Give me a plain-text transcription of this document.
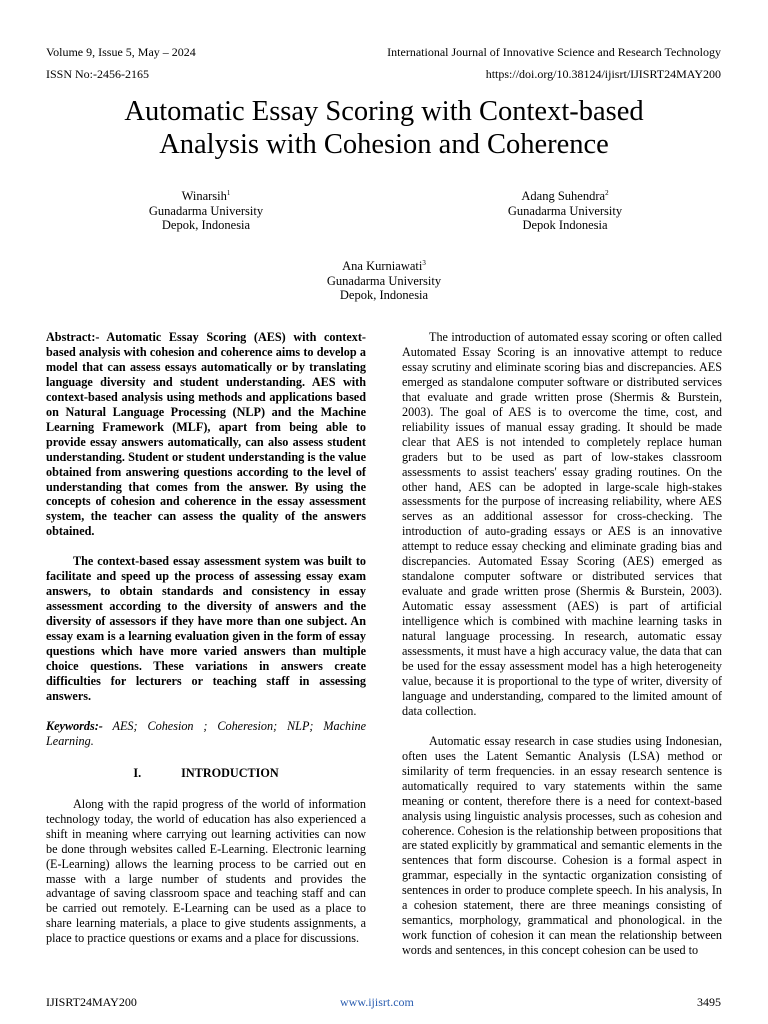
Volume 9, Issue 5, May – 2024	International Journal of Innovative Science and Research Technology
ISSN No:-2456-2165	https://doi.org/10.38124/ijisrt/IJISRT24MAY200
Automatic Essay Scoring with Context-based
Analysis with Cohesion and Coherence
Winarsih$^1$
Gunadarma University
Depok, Indonesia
Adang Suhendra$^2$
Gunadarma University
Depok Indonesia
Ana Kurniawati$^3$
Gunadarma University
Depok, Indonesia

Abstract:- Automatic Essay Scoring (AES) with context-based analysis with cohesion and coherence aims to develop a model that can assess essays automatically or by translating language diversity and student understanding. AES with context-based analysis using methods and applications based on Natural Language Processing (NLP) and the Machine Learning Framework (MLF), apart from being able to provide essay answers automatically, can also assess student understanding. Student or student understanding is the value obtained from answering questions according to the level of understanding that comes from the answer. By using the concepts of cohesion and coherence in the essay assessment system, the teacher can assess the quality of the answers obtained.

The context-based essay assessment system was built to facilitate and speed up the process of assessing essay exam answers, to obtain standards and consistency in essay assessment according to the diversity of answers and the diversity of assessors if they have more than one subject. An essay exam is a learning evaluation given in the form of essay questions which have more varied answers than multiple choice questions. These variations in answers create difficulties for lecturers or teaching staff in assessing answers.

Keywords:- AES; Cohesion ; Coheresion; NLP; Machine Learning.

I.	INTRODUCTION

Along with the rapid progress of the world of information technology today, the world of education has also experienced a shift in meaning where carrying out learning activities can now be done through websites called E-Learning. Electronic learning (E-Learning) allows the learning process to be carried out en masse with a large number of students and provides the advantage of saving classroom space and teaching staff and can be carried out remotely. E-Learning can be used as a place to share learning materials, a place to give students assignments, a place to practice questions or exams and a place for discussions.

The introduction of automated essay scoring or often called Automated Essay Scoring is an innovative attempt to reduce essay scrutiny and eliminate scoring bias and discrepancies. AES emerged as standalone computer software or distributed services that evaluate and grade written prose (Shermis & Burstein, 2003). The goal of AES is to overcome the time, cost, and reliability issues of manual essay grading. It should be made clear that AES is not intended to completely replace human graders but to be used as part of low-stakes classroom assessments to assist teachers' essay grading routines. On the other hand, AES can be adopted in large-scale high-stakes assessments for the purpose of increasing reliability, where AES serves as an additional assessor for cross-checking. The introduction of auto-grading essays or AES is an innovative attempt to reduce essay checking and eliminate grading bias and discrepancies. Automated Essay Scoring (AES) emerged as standalone computer software or distributed services that evaluate and grade written prose (Shermis & Burstein, 2003). Automatic essay assessment (AES) is part of artificial intelligence which is combined with machine learning tasks in natural language processing. In research, automatic essay assessments, it must have a high accuracy value, the data that can be used for the essay assessment model has a high heterogeneity value, because it is proportional to the type of writer, diversity of language and understanding, compared to the limited amount of data collection.

Automatic essay research in case studies using Indonesian, often uses the Latent Semantic Analysis (LSA) method or similarity of term frequencies. in an essay research sentence is automatically required to vary statements within the same meaning or content, therefore there is a need for context-based analysis using linguistic analysis processes, such as cohesion and coherence. Cohesion is the relationship between propositions that are stated explicitly by grammatical and semantic elements in the sentences that form discourse. Cohesion is a formal aspect in grammar, especially in the syntactic organization consisting of sentences in order to produce complete speech. In his analysis, In a cohesion statement, there are three meanings consisting of semantics, morphology, grammatical and phonological. in the work function of cohesion it can mean the relationship between words and sentences, in this concept cohesion can be used to

IJISRT24MAY200	www.ijisrt.com	3495
